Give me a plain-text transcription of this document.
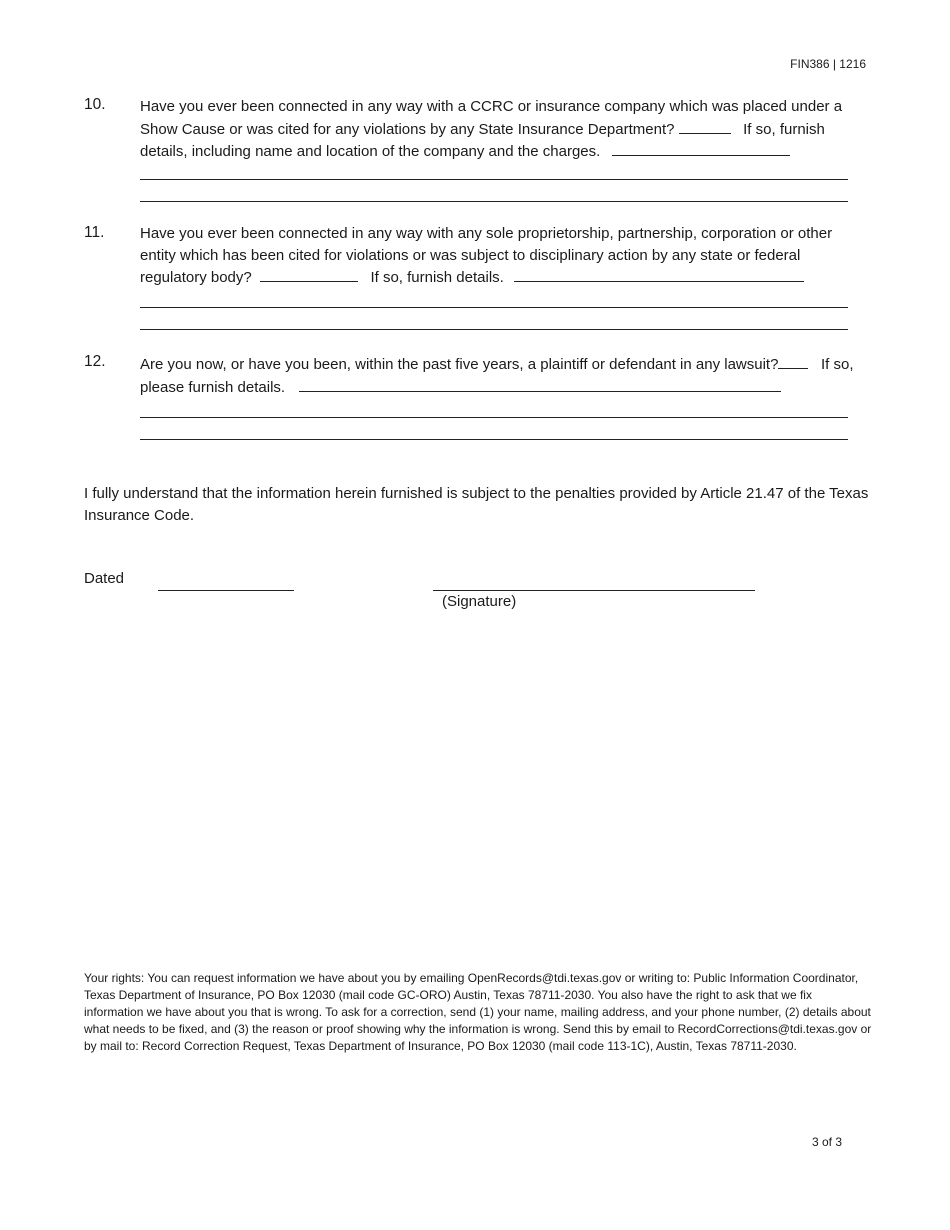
FIN386 | 1216
10. Have you ever been connected in any way with a CCRC or insurance company which was placed under a Show Cause or was cited for any violations by any State Insurance Department?	If so, furnish details, including name and location of the company and the charges.
11. Have you ever been connected in any way with any sole proprietorship, partnership, corporation or other entity which has been cited for violations or was subject to disciplinary action by any state or federal regulatory body?	If so, furnish details.
12. Are you now, or have you been, within the past five years, a plaintiff or defendant in any lawsuit?	If so, please furnish details.
I fully understand that the information herein furnished is subject to the penalties provided by Article 21.47 of the Texas Insurance Code.
Dated
(Signature)
Your rights: You can request information we have about you by emailing OpenRecords@tdi.texas.gov or writing to: Public Information Coordinator, Texas Department of Insurance, PO Box 12030 (mail code GC-ORO) Austin, Texas 78711-2030. You also have the right to ask that we fix information we have about you that is wrong. To ask for a correction, send (1) your name, mailing address, and your phone number, (2) details about what needs to be fixed, and (3) the reason or proof showing why the information is wrong. Send this by email to RecordCorrections@tdi.texas.gov or by mail to: Record Correction Request, Texas Department of Insurance, PO Box 12030 (mail code 113-1C), Austin, Texas 78711-2030.
3 of 3
